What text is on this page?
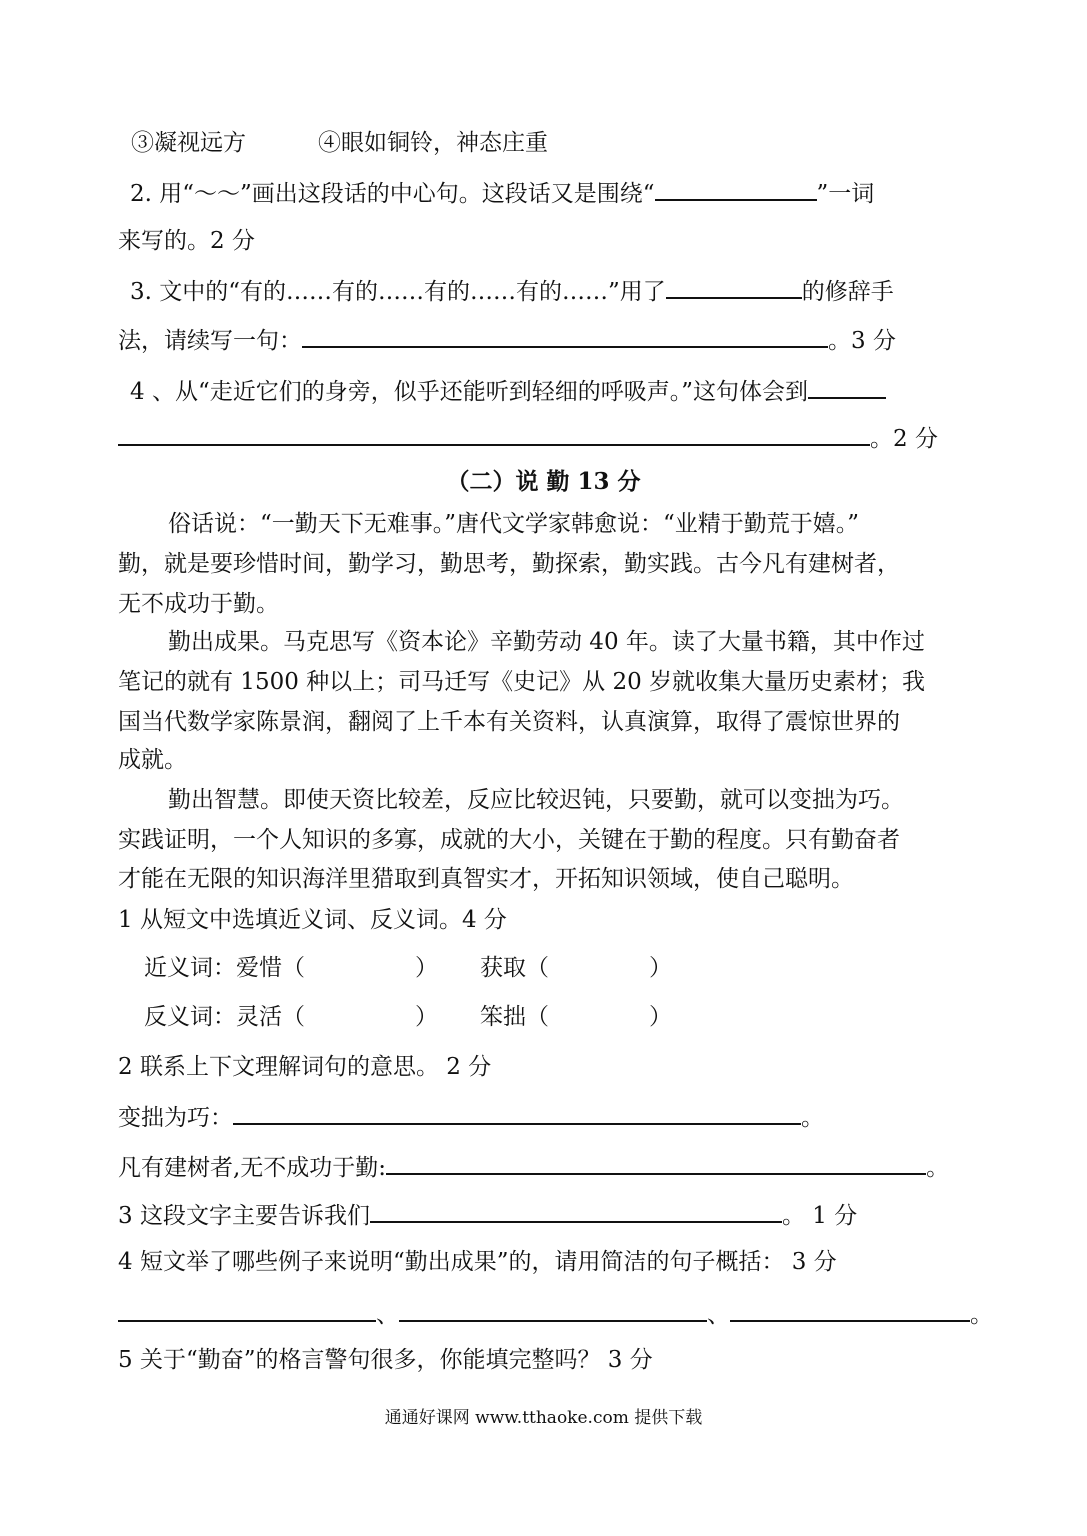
③凝视远方	④眼如铜铃，神态庄重
2. 用“～～”画出这段话的中心句。这段话又是围绕“	”一词
来写的。2 分
3. 文中的“有的……有的……有的……有的……”用了	的修辞手
法，请续写一句：	。3 分
4 、从“走近它们的身旁，似乎还能听到轻细的呼吸声。”这句体会到
。2 分
（二）说 勤 13 分
俗话说：“一勤天下无难事。”唐代文学家韩愈说：“业精于勤荒于嬉。”
勤，就是要珍惜时间，勤学习，勤思考，勤探索，勤实践。古今凡有建树者，
无不成功于勤。
勤出成果。马克思写《资本论》辛勤劳动 40 年。读了大量书籍，其中作过
笔记的就有 1500 种以上；司马迁写《史记》从 20 岁就收集大量历史素材；我
国当代数学家陈景润，翻阅了上千本有关资料，认真演算，取得了震惊世界的
成就。
勤出智慧。即使天资比较差，反应比较迟钝，只要勤，就可以变拙为巧。
实践证明，一个人知识的多寡，成就的大小，关键在于勤的程度。只有勤奋者
才能在无限的知识海洋里猎取到真智实才，开拓知识领域，使自己聪明。
1 从短文中选填近义词、反义词。4 分
近义词：爱惜（	） 获取（	）
反义词：灵活（	） 笨拙（	）
2 联系上下文理解词句的意思。 2 分
变拙为巧：	。
凡有建树者,无不成功于勤:	。
3 这段文字主要告诉我们	。 1 分
4 短文举了哪些例子来说明“勤出成果”的，请用简洁的句子概括： 3 分
、	、	。
5 关于“勤奋”的格言警句很多，你能填完整吗？ 3 分
通通好课网 www.tthaoke.com 提供下载
